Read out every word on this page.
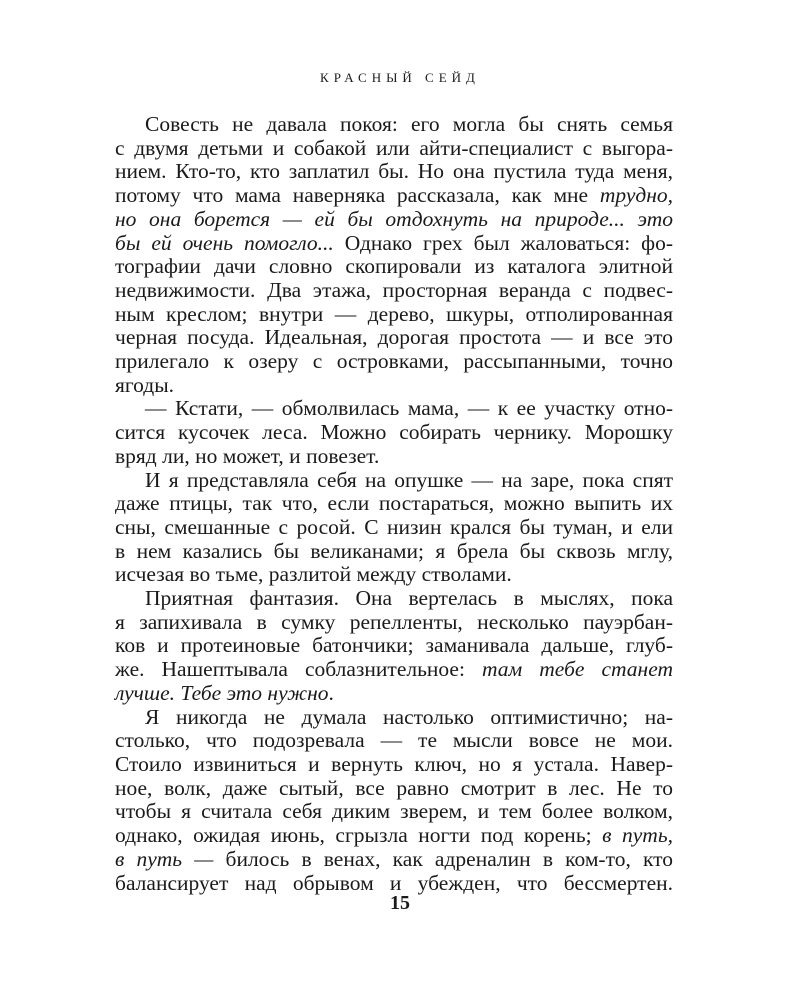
КРАСНЫЙ СЕЙД
Совесть не давала покоя: его могла бы снять семья
с двумя детьми и собакой или айти-специалист с выгора-
нием. Кто-то, кто заплатил бы. Но она пустила туда меня,
потому что мама наверняка рассказала, как мне трудно,
но она борется — ей бы отдохнуть на природе... это
бы ей очень помогло... Однако грех был жаловаться: фо-
тографии дачи словно скопировали из каталога элитной
недвижимости. Два этажа, просторная веранда с подвес-
ным креслом; внутри — дерево, шкуры, отполированная
черная посуда. Идеальная, дорогая простота — и все это
прилегало к озеру с островками, рассыпанными, точно
ягоды.
— Кстати, — обмолвилась мама, — к ее участку отно-
сится кусочек леса. Можно собирать чернику. Морошку
вряд ли, но может, и повезет.
И я представляла себя на опушке — на заре, пока спят
даже птицы, так что, если постараться, можно выпить их
сны, смешанные с росой. С низин крался бы туман, и ели
в нем казались бы великанами; я брела бы сквозь мглу,
исчезая во тьме, разлитой между стволами.
Приятная фантазия. Она вертелась в мыслях, пока
я запихивала в сумку репелленты, несколько пауэрбан-
ков и протеиновые батончики; заманивала дальше, глуб-
же. Нашептывала соблазнительное: там тебе станет
лучше. Тебе это нужно.
Я никогда не думала настолько оптимистично; на-
столько, что подозревала — те мысли вовсе не мои.
Стоило извиниться и вернуть ключ, но я устала. Навер-
ное, волк, даже сытый, все равно смотрит в лес. Не то
чтобы я считала себя диким зверем, и тем более волком,
однако, ожидая июнь, сгрызла ногти под корень; в путь,
в путь — билось в венах, как адреналин в ком-то, кто
балансирует над обрывом и убежден, что бессмертен.
15
